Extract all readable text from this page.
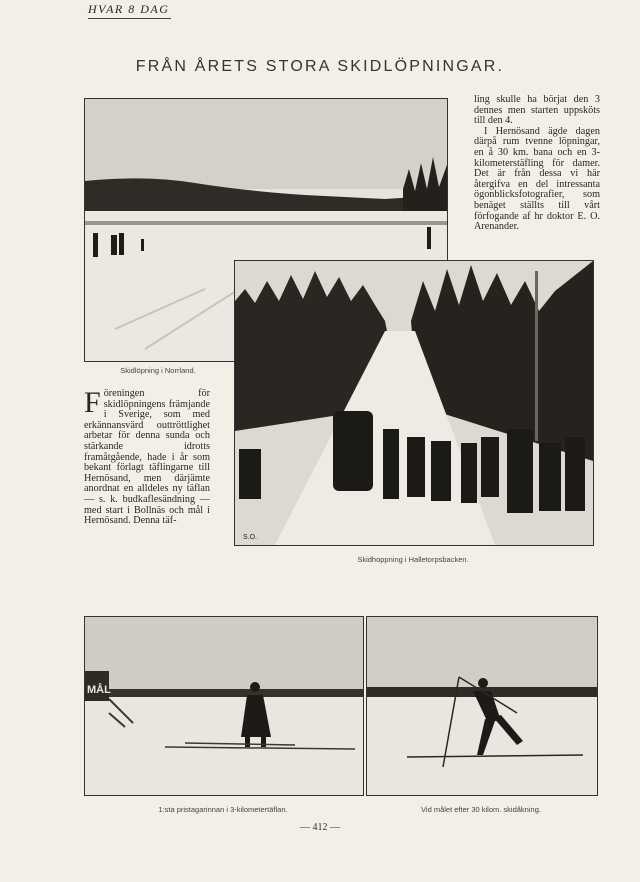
HVAR 8 DAG
FRÅN ÅRETS STORA SKIDLÖPNINGAR.
ling skulle ha börjat den 3 dennes men starten uppsköts till den 4.
I Hernösand ägde dagen därpå rum tvenne löpningar, en å 30 km. bana och en 3-kilometerstäfling för damer. Det är från dessa vi här återgifva en del intressanta ögonblicksfotografier, som benäget ställts till vårt förfogande af hr doktor E. O. Arenander.
Skidlöpning i Norrland.
S.O.
Skidhoppning i Halletorpsbacken.
F öreningen för skidlöpningens främjande i Sverige, som med erkännansvärd outtröttlighet arbetar för denna sunda och stärkande idrotts framåtgående, hade i år som bekant förlagt täflingarne till Hernösand, men därjämte anordnat en alldeles ny täflan — s. k. budkaflesändning — med start i Bollnäs och mål i Hernösand. Denna täf-
MÅL
1:sta pristagarinnan i 3-kilometertäflan.	Vid målet efter 30 kilom. skidåkning.
— 412 —
